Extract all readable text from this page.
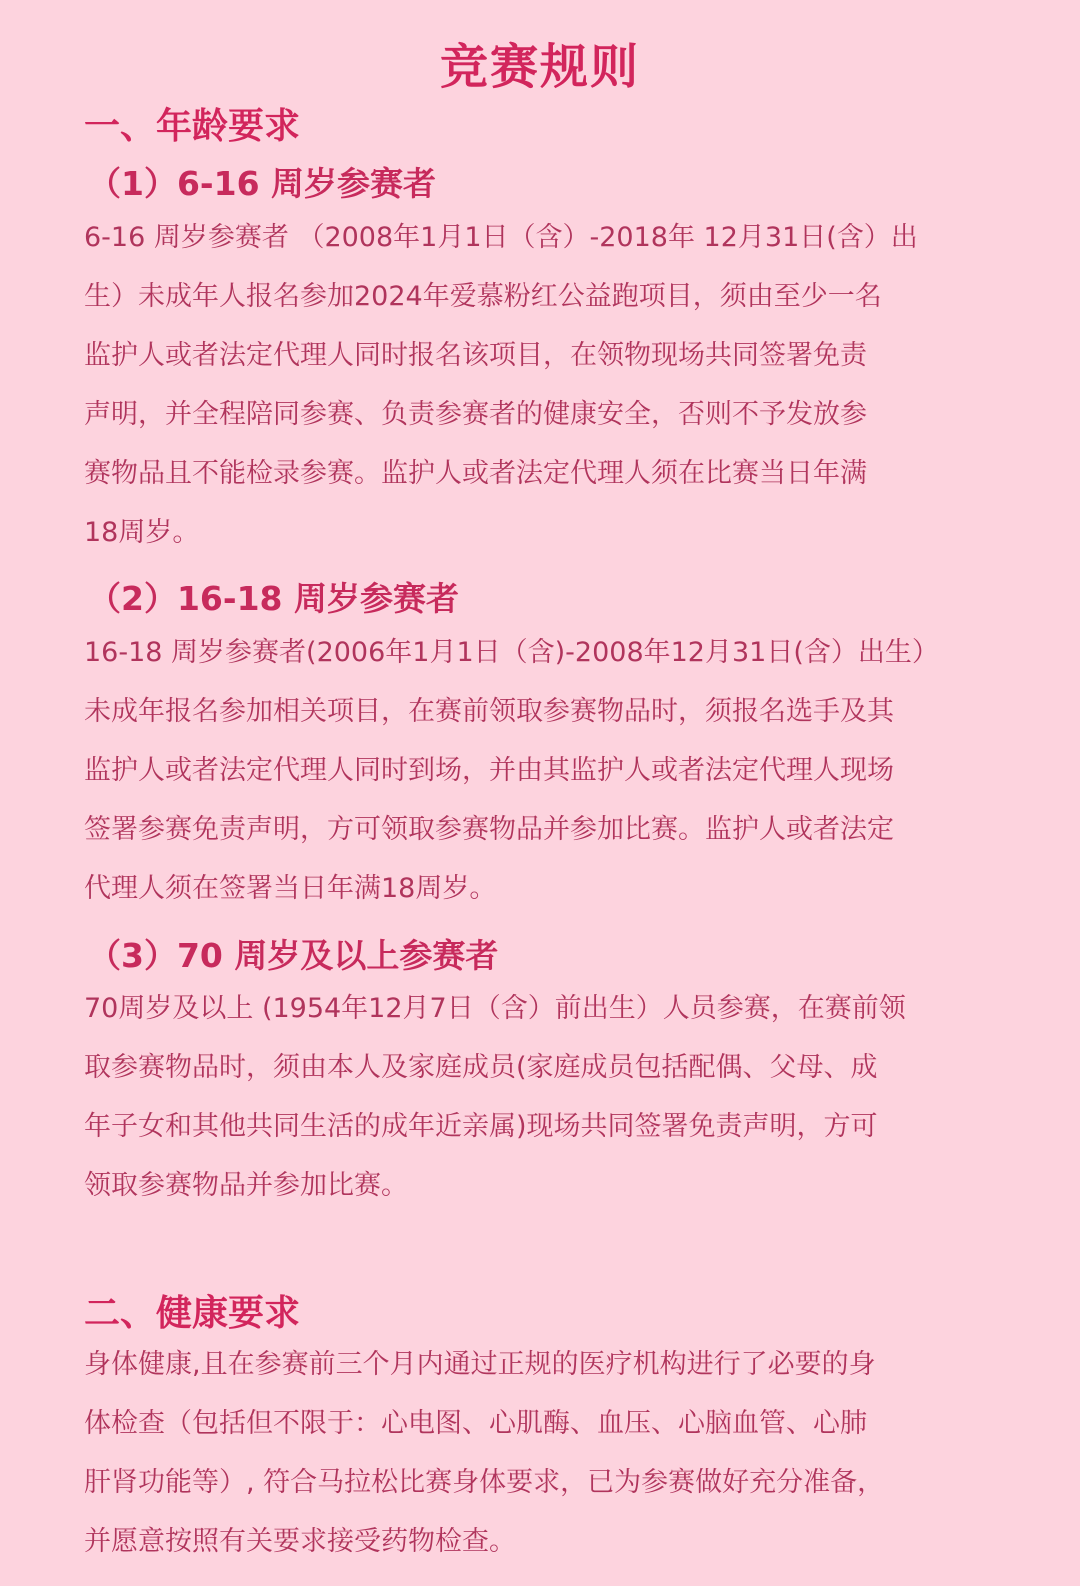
竞赛规则
一、年龄要求
（1）6-16 周岁参赛者
6-16 周岁参赛者 （2008年1月1日（含）-2018年 12月31日(含）出
生）未成年人报名参加2024年爱慕粉红公益跑项目，须由至少一名
监护人或者法定代理人同时报名该项目，在领物现场共同签署免责
声明，并全程陪同参赛、负责参赛者的健康安全，否则不予发放参
赛物品且不能检录参赛。监护人或者法定代理人须在比赛当日年满
18周岁。
（2）16-18 周岁参赛者
16-18 周岁参赛者(2006年1月1日（含)-2008年12月31日(含）出生）
未成年报名参加相关项目，在赛前领取参赛物品时，须报名选手及其
监护人或者法定代理人同时到场，并由其监护人或者法定代理人现场
签署参赛免责声明，方可领取参赛物品并参加比赛。监护人或者法定
代理人须在签署当日年满18周岁。
（3）70 周岁及以上参赛者
70周岁及以上 (1954年12月7日（含）前出生）人员参赛，在赛前领
取参赛物品时，须由本人及家庭成员(家庭成员包括配偶、父母、成
年子女和其他共同生活的成年近亲属)现场共同签署免责声明，方可
领取参赛物品并参加比赛。
二、健康要求
身体健康,且在参赛前三个月内通过正规的医疗机构进行了必要的身
体检查（包括但不限于：心电图、心肌酶、血压、心脑血管、心肺
肝肾功能等）, 符合马拉松比赛身体要求，已为参赛做好充分准备，
并愿意按照有关要求接受药物检查。
